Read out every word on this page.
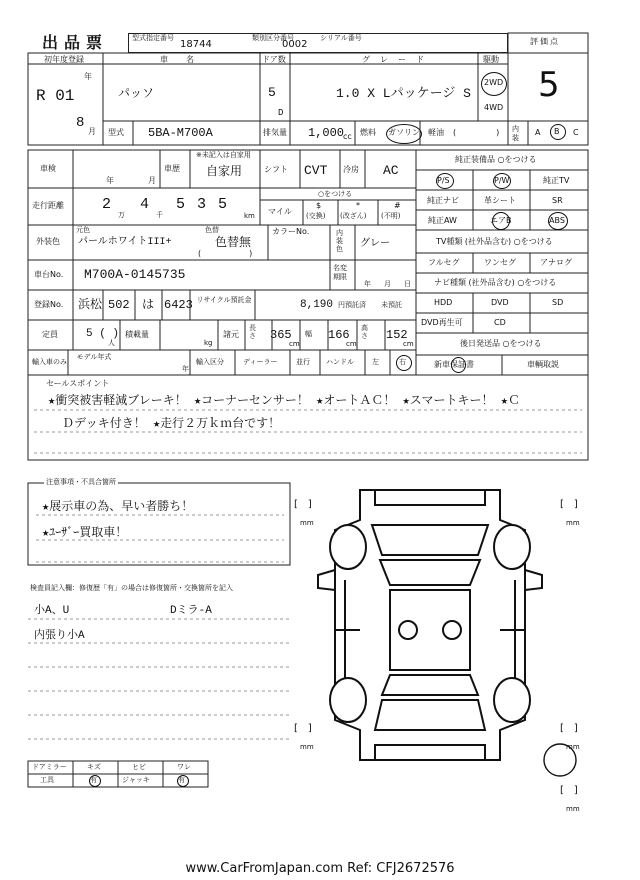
出品票	型式指定番号
18744
類別区分番号
0002
シリアル番号	評価点
5
初年度登録
年
R 01
8
月
車名
パッソ
ドア数
5
D
グレード
1.0 X Lパッケージ S
駆動
2WD
4WD
型式 5BA-M700A	排気量 1,000
cc 燃料 ガソリン 軽油 (　　　　　) 内装
A B C
車検
年	月
車歴
※未記入は自家用
自家用	シフト CVT 冷房 AC
走行距離	2
万
4
千
5 3 5
km
○をつける
マイル
$
(交換)
*
(改ざん)
#
(不明)
外装色
元色
パールホワイトIII+
色替
色替無
(　　　　　　)
カラーNo.	内装色	グレー
車台No. M700A-0145735	名変期限
年 月 日
登録No. 浜松 502 は 6423 リサイクル預託金	8,190 円預託済 未預託
定員	5 ( )
人
積載量
kg
諸元
長さ 365
cm
幅 166
cm
高さ 152
cm
輸入車のみ
モデル年式
年
輸入区分	ディーラー	並行 ハンドル	左	右
純正装備品 ○をつける
P/S	P/W	純正TV
純正ナビ	革シート	SR
純正AW	エアB	ABS
TV種類 (社外品含む) ○をつける
フルセグ	ワンセグ	アナログ
ナビ種類 (社外品含む) ○をつける
HDD	DVD	SD
DVD再生可	CD
後日発送品 ○をつける
新車保証書	車輌取説
セールスポイント
★衝突被害軽減ブレーキ！ ★コーナーセンサー！ ★オートＡＣ！ ★スマートキー！ ★Ｃ
Ｄデッキ付き！ ★走行２万ｋｍ台です！
注意事項・不具合箇所
★展示車の為、早い者勝ち！
★ﾕｰｻﾞｰ買取車！
検査員記入欄：修復歴「有」の場合は修復箇所・交換箇所を記入
小A、U	Dミラ-A
内張り小A
ドアミラー	キズ	ヒビ	ワレ
工具	有	ジャッキ	有
[　]
mm
[　]
mm
[　]
mm
[　]
mm
[　]
mm
www.CarFromJapan.com Ref: CFJ2672576
